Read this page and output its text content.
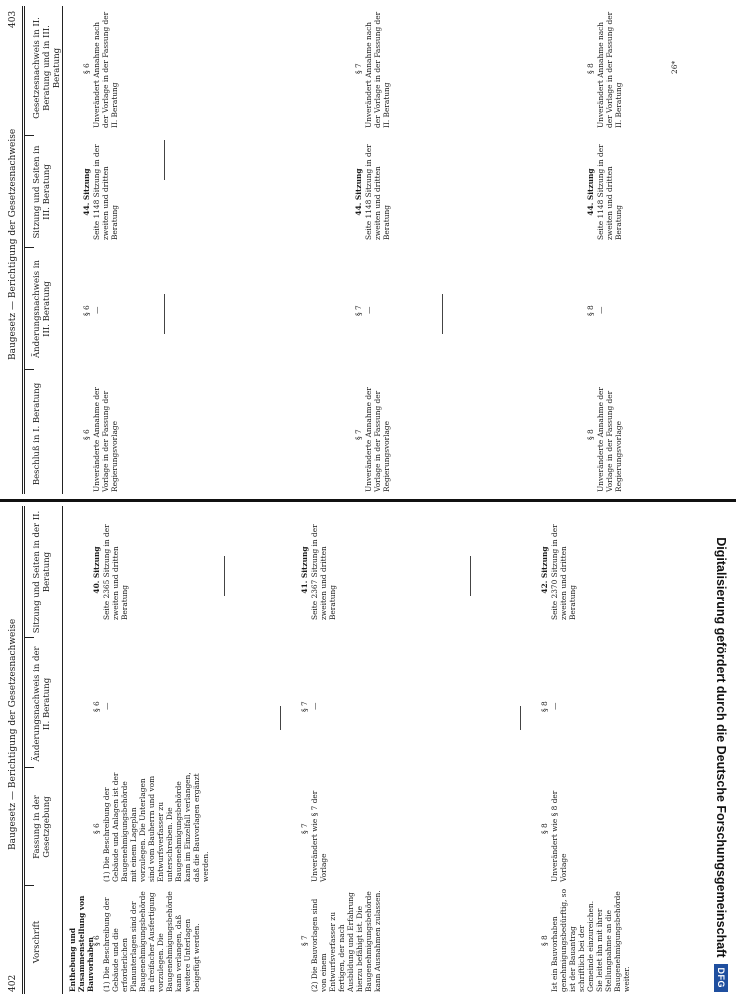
402
Baugesetz — Berichtigung der Gesetzesnachweise
Vorschrift
Fassung in der Gesetzgebung
Änderungsnachweis in der II. Beratung
Sitzung und Seiten in der II. Beratung
Enthebung und Zusammenstellung von Bauvorhaben
§ 6 (1) Die Beschreibung der Gebäude und die erforderlichen Planunterlagen sind der Baugenehmigungsbehörde in dreifacher Ausfertigung vorzulegen. Die Baugenehmigungsbehörde kann verlangen, daß weitere Unterlagen beigefügt werden.
§ 6 (1) Die Beschreibung der Gebäude und Anlagen ist der Baugenehmigungsbehörde mit einem Lageplan vorzulegen. Die Unterlagen sind vom Bauherrn und vom Entwurfsverfasser zu unterschreiben. Die Baugenehmigungsbehörde kann im Einzelfall verlangen, daß die Bauvorlagen ergänzt werden.
§ 6 —
40. Sitzung Seite 2365 Sitzung in der zweiten und dritten Beratung
§ 7 (2) Die Bauvorlagen sind von einem Entwurfsverfasser zu fertigen, der nach Ausbildung und Erfahrung hierzu befähigt ist. Die Baugenehmigungsbehörde kann Ausnahmen zulassen.
§ 7 Unverändert wie § 7 der Vorlage
§ 7 —
41. Sitzung Seite 2367 Sitzung in der zweiten und dritten Beratung
§ 8 Ist ein Bauvorhaben genehmigungsbedürftig, so ist der Bauantrag schriftlich bei der Gemeinde einzureichen. Sie leitet ihn mit ihrer Stellungnahme an die Baugenehmigungsbehörde weiter.
§ 8 Unverändert wie § 8 der Vorlage
§ 8 —
42. Sitzung Seite 2370 Sitzung in der zweiten und dritten Beratung
Baugesetz — Berichtigung der Gesetzesnachweise
403
Beschluß in I. Beratung
Änderungsnachweis in III. Beratung
Sitzung und Seiten in III. Beratung
Gesetzesnachweis in II. Beratung und in III. Beratung
§ 6 Unveränderte Annahme der Vorlage in der Fassung der Regierungsvorlage
§ 6 —
44. Sitzung Seite 1148 Sitzung in der zweiten und dritten Beratung
§ 6 Unverändert Annahme nach der Vorlage in der Fassung der II. Beratung
§ 7 Unveränderte Annahme der Vorlage in der Fassung der Regierungsvorlage
§ 7 —
44. Sitzung Seite 1148 Sitzung in der zweiten und dritten Beratung
§ 7 Unverändert Annahme nach der Vorlage in der Fassung der II. Beratung
§ 8 Unveränderte Annahme der Vorlage in der Fassung der Regierungsvorlage
§ 8 —
44. Sitzung Seite 1148 Sitzung in der zweiten und dritten Beratung
§ 8 Unverändert Annahme nach der Vorlage in der Fassung der II. Beratung
26*
Digitalisierung gefördert durch die Deutsche Forschungsgemeinschaft
DFG
